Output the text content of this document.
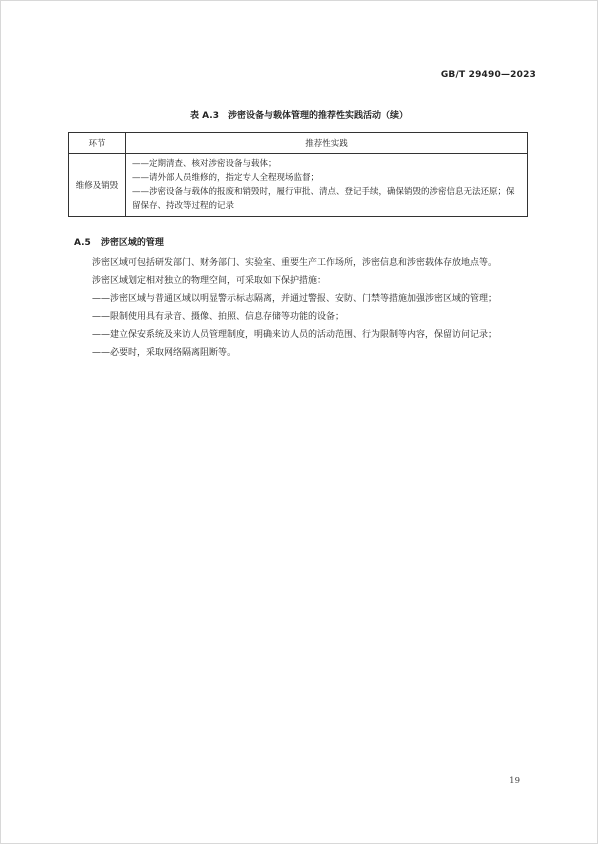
GB/T 29490—2023
表 A.3　涉密设备与载体管理的推荐性实践活动（续）
环节	推荐性实践
维修及销毁	——定期清查、核对涉密设备与载体；
——请外部人员维修的，指定专人全程现场监督；
——涉密设备与载体的报废和销毁时，履行审批、清点、登记手续，确保销毁的涉密信息无法还原；保留保存、持改等过程的记录
A.5 涉密区域的管理

涉密区域可包括研发部门、财务部门、实验室、重要生产工作场所，涉密信息和涉密载体存放地点等。

涉密区域划定相对独立的物理空间，可采取如下保护措施：

——涉密区域与普通区域以明显警示标志隔离，并通过警报、安防、门禁等措施加强涉密区域的管理；

——限制使用具有录音、摄像、拍照、信息存储等功能的设备；

——建立保安系统及来访人员管理制度，明确来访人员的活动范围、行为限制等内容，保留访问记录；

——必要时，采取网络隔离阻断等。

19
